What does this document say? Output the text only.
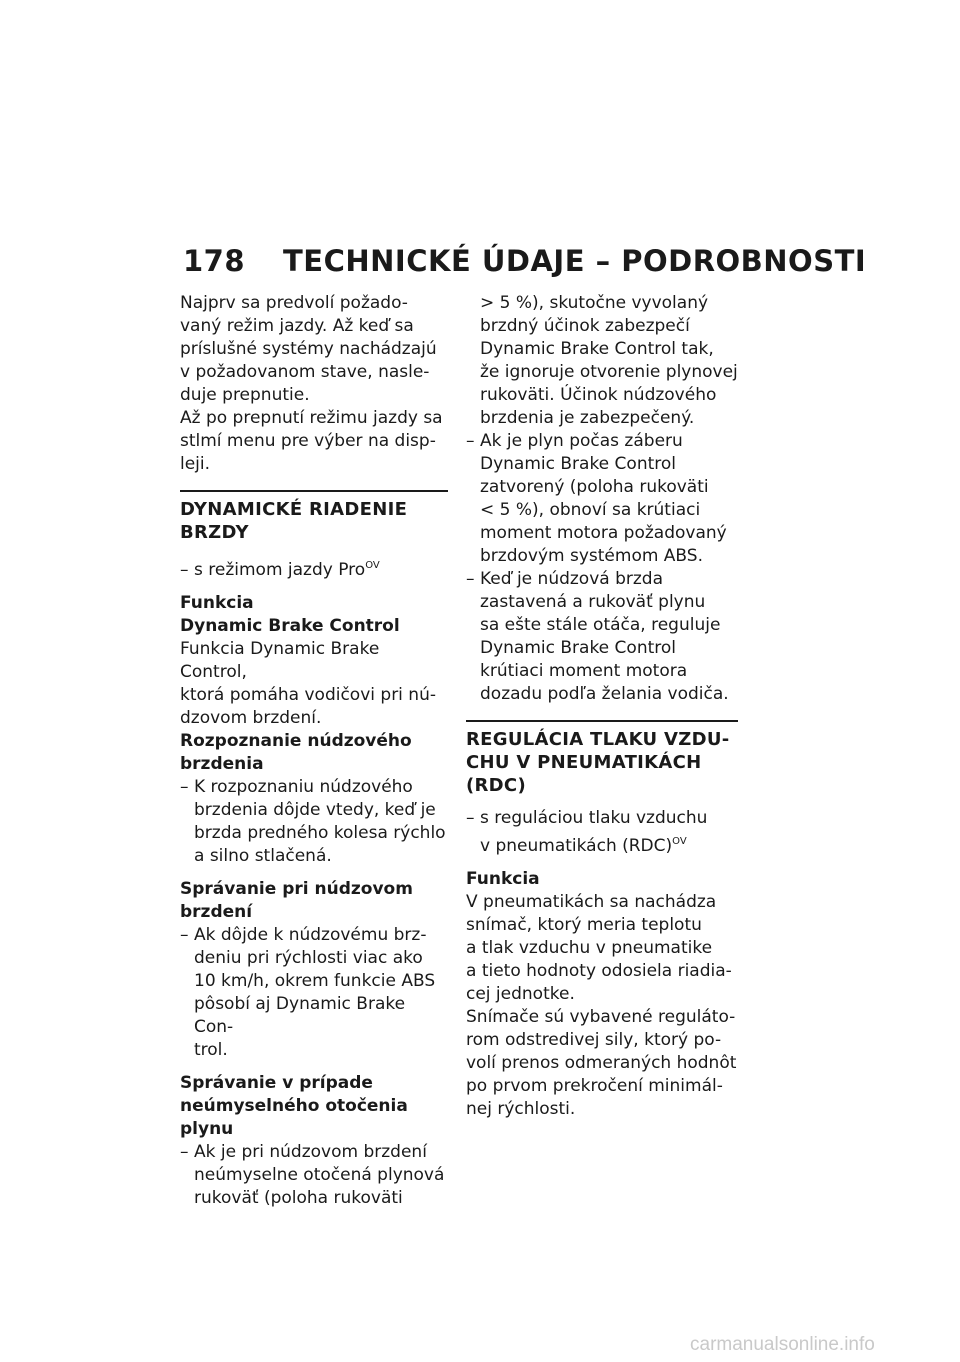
178 TECHNICKÉ ÚDAJE – PODROBNOSTI

Najprv sa predvolí požado-

vaný režim jazdy. Až keď sa

príslušné systémy nachádzajú

v požadovanom stave, nasle-

duje prepnutie.

Až po prepnutí režimu jazdy sa

stlmí menu pre výber na disp-

leji.

DYNAMICKÉ RIADENIE

BRZDY

– s režimom jazdy Pro$^{OV}$

Funkcia

Dynamic Brake Control

Funkcia Dynamic Brake Control,

ktorá pomáha vodičovi pri nú-

dzovom brzdení.

Rozpoznanie núdzového

brzdenia

– K rozpoznaniu núdzového

brzdenia dôjde vtedy, keď je

brzda predného kolesa rýchlo

a silno stlačená.

Správanie pri núdzovom

brzdení

– Ak dôjde k núdzovému brz-

deniu pri rýchlosti viac ako

10 km/h, okrem funkcie ABS

pôsobí aj Dynamic Brake Con-

trol.

Správanie v prípade

neúmyselného otočenia plynu

– Ak je pri núdzovom brzdení

neúmyselne otočená plynová

rukoväť (poloha rukoväti

> 5 %), skutočne vyvolaný

brzdný účinok zabezpečí

Dynamic Brake Control tak,

že ignoruje otvorenie plynovej

rukoväti. Účinok núdzového

brzdenia je zabezpečený.

– Ak je plyn počas záberu

Dynamic Brake Control

zatvorený (poloha rukoväti

< 5 %), obnoví sa krútiaci

moment motora požadovaný

brzdovým systémom ABS.

– Keď je núdzová brzda

zastavená a rukoväť plynu

sa ešte stále otáča, reguluje

Dynamic Brake Control

krútiaci moment motora

dozadu podľa želania vodiča.

REGULÁCIA TLAKU VZDU-

CHU V PNEUMATIKÁCH

(RDC)

– s reguláciou tlaku vzduchu

v pneumatikách (RDC)$^{OV}$

Funkcia

V pneumatikách sa nachádza

snímač, ktorý meria teplotu

a tlak vzduchu v pneumatike

a tieto hodnoty odosiela riadia-

cej jednotke.

Snímače sú vybavené reguláto-

rom odstredivej sily, ktorý po-

volí prenos odmeraných hodnôt

po prvom prekročení minimál-

nej rýchlosti.

carmanualsonline.info
